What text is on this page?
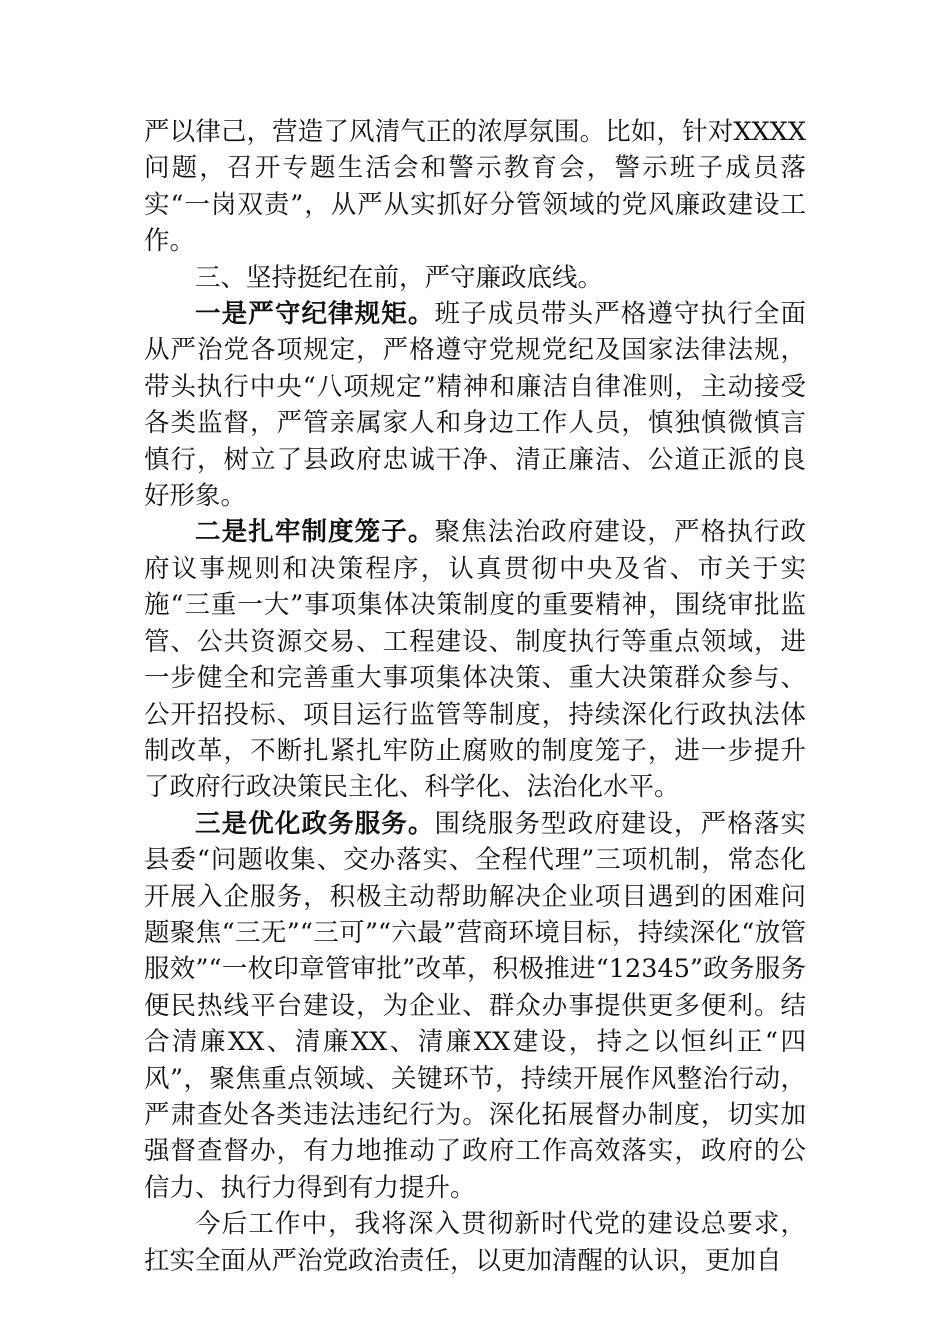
严以律己，营造了风清气正的浓厚氛围。比如，针对XXXX问题，召开专题生活会和警示教育会，警示班子成员落实“一岗双责”，从严从实抓好分管领域的党风廉政建设工作。

三、坚持挺纪在前，严守廉政底线。

一是严守纪律规矩。班子成员带头严格遵守执行全面从严治党各项规定，严格遵守党规党纪及国家法律法规，带头执行中央“八项规定”精神和廉洁自律准则，主动接受各类监督，严管亲属家人和身边工作人员，慎独慎微慎言慎行，树立了县政府忠诚干净、清正廉洁、公道正派的良好形象。

二是扎牢制度笼子。聚焦法治政府建设，严格执行政府议事规则和决策程序，认真贯彻中央及省、市关于实施“三重一大”事项集体决策制度的重要精神，围绕审批监管、公共资源交易、工程建设、制度执行等重点领域，进一步健全和完善重大事项集体决策、重大决策群众参与、公开招投标、项目运行监管等制度，持续深化行政执法体制改革，不断扎紧扎牢防止腐败的制度笼子，进一步提升了政府行政决策民主化、科学化、法治化水平。

三是优化政务服务。围绕服务型政府建设，严格落实县委“问题收集、交办落实、全程代理”三项机制，常态化开展入企服务，积极主动帮助解决企业项目遇到的困难问题聚焦“三无”“三可”“六最”营商环境目标，持续深化“放管服效”“一枚印章管审批”改革，积极推进“12345”政务服务便民热线平台建设，为企业、群众办事提供更多便利。结合清廉XX、清廉XX、清廉XX建设，持之以恒纠正“四风”，聚焦重点领域、关键环节，持续开展作风整治行动，严肃查处各类违法违纪行为。深化拓展督办制度，切实加强督查督办，有力地推动了政府工作高效落实，政府的公信力、执行力得到有力提升。

今后工作中，我将深入贯彻新时代党的建设总要求，扛实全面从严治党政治责任，以更加清醒的认识，更加自
